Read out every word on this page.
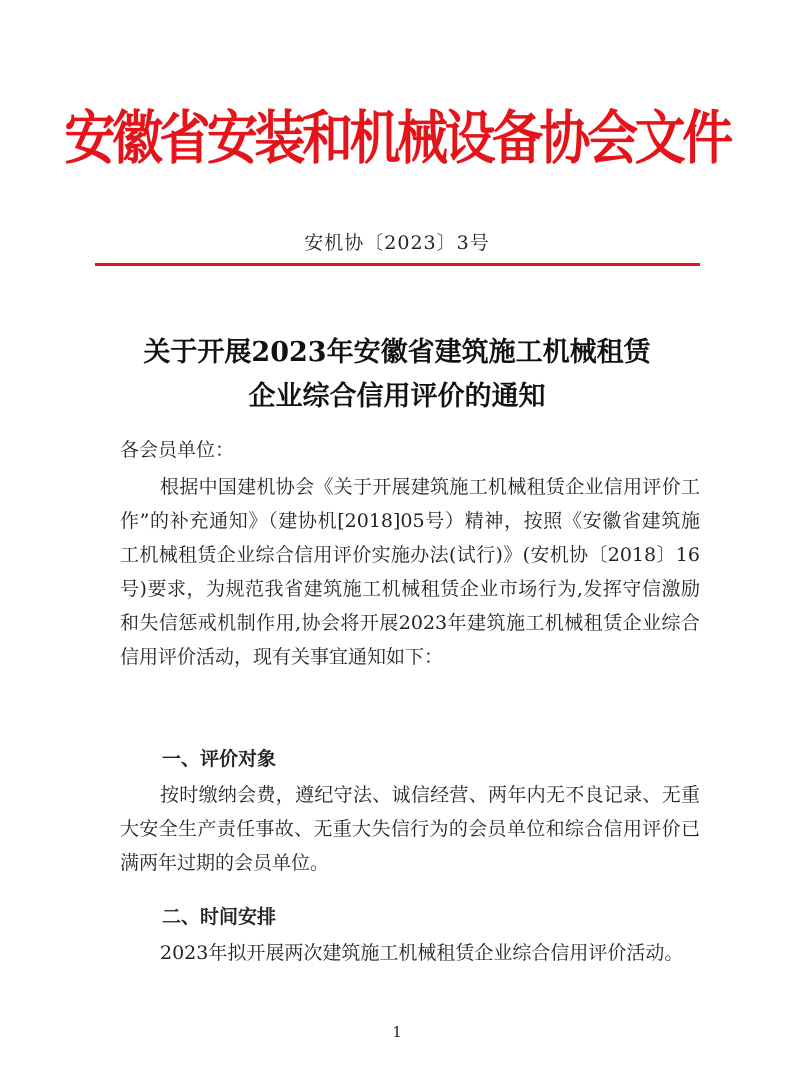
安徽省安装和机械设备协会文件
安机协〔2023〕3号
关于开展2023年安徽省建筑施工机械租赁
企业综合信用评价的通知
各会员单位：
根据中国建机协会《关于开展建筑施工机械租赁企业信用评价工作”的补充通知》（建协机[2018]05号）精神，按照《安徽省建筑施工机械租赁企业综合信用评价实施办法(试行)》(安机协〔2018〕16号)要求，为规范我省建筑施工机械租赁企业市场行为,发挥守信激励和失信惩戒机制作用,协会将开展2023年建筑施工机械租赁企业综合信用评价活动，现有关事宜通知如下：
一、评价对象
按时缴纳会费，遵纪守法、诚信经营、两年内无不良记录、无重大安全生产责任事故、无重大失信行为的会员单位和综合信用评价已满两年过期的会员单位。
二、时间安排
2023年拟开展两次建筑施工机械租赁企业综合信用评价活动。
1
